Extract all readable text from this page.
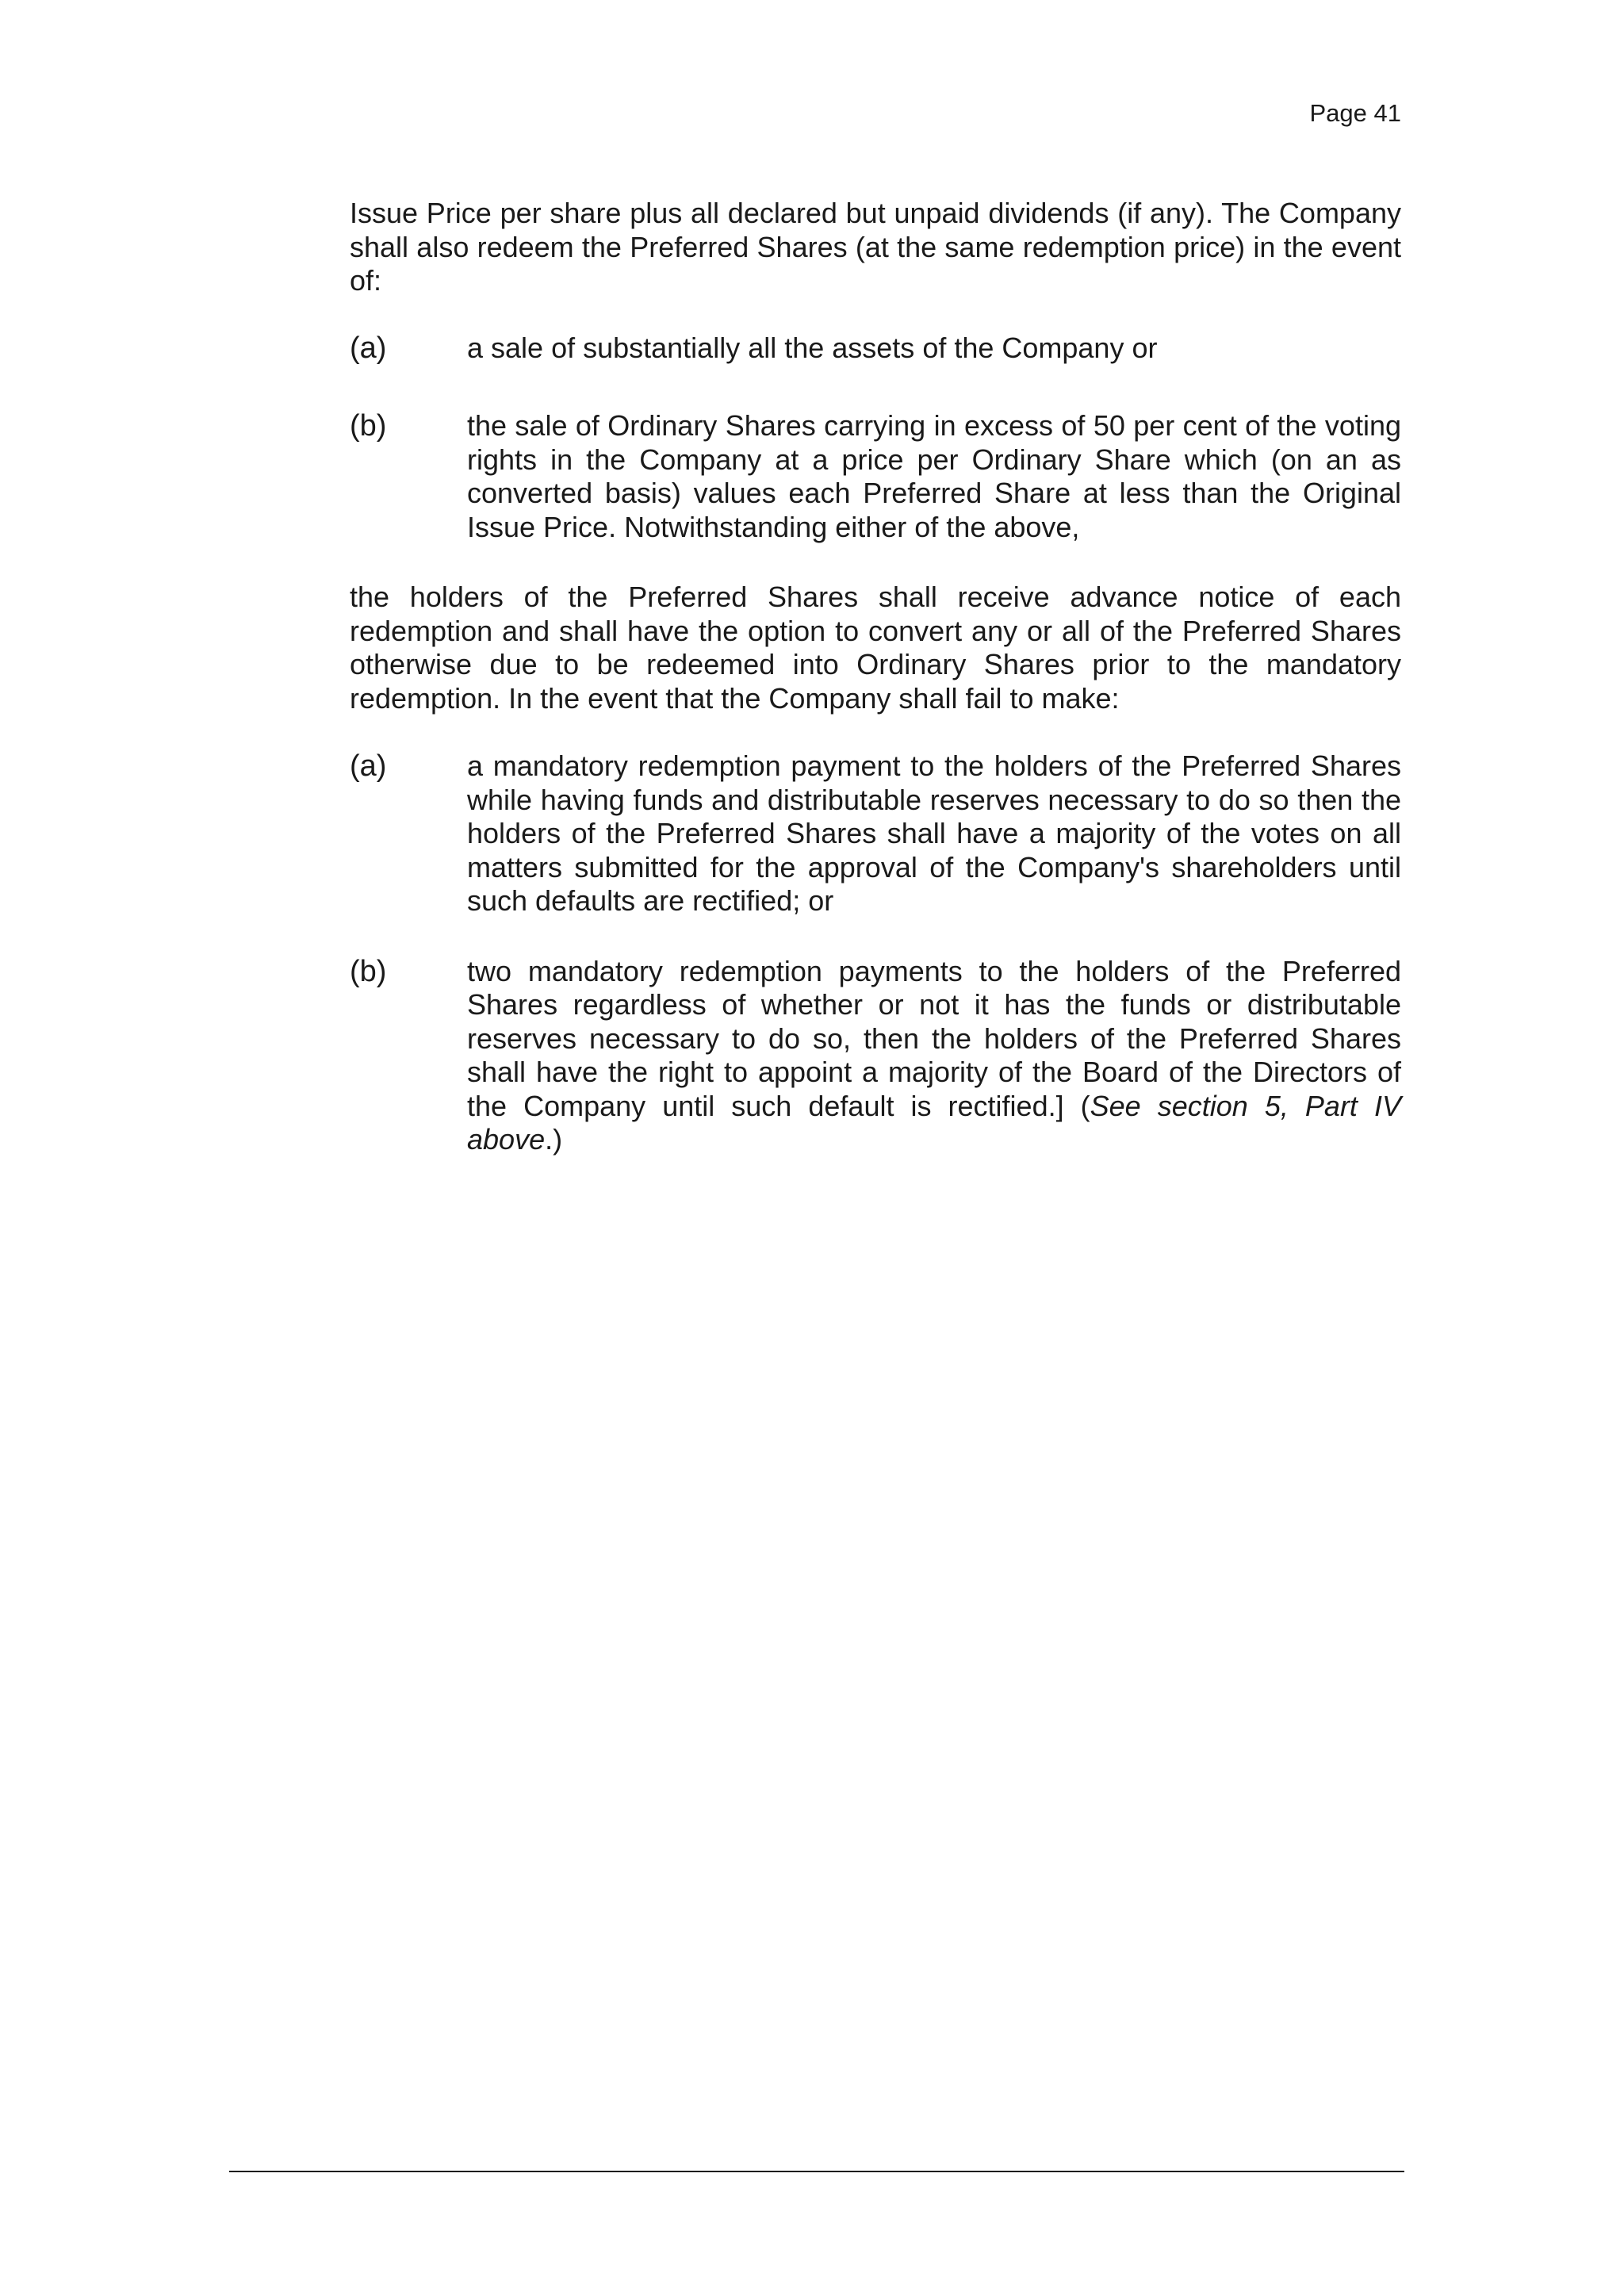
Page 41

Issue Price per share plus all declared but unpaid dividends (if any). The Company shall also redeem the Preferred Shares (at the same redemption price) in the event of:

(a)	a sale of substantially all the assets of the Company or
(b)	the sale of Ordinary Shares carrying in excess of 50 per cent of the voting rights in the Company at a price per Ordinary Share which (on an as converted basis) values each Preferred Share at less than the Original Issue Price. Notwithstanding either of the above,

the holders of the Preferred Shares shall receive advance notice of each redemption and shall have the option to convert any or all of the Preferred Shares otherwise due to be redeemed into Ordinary Shares prior to the mandatory redemption. In the event that the Company shall fail to make:

(a)	a mandatory redemption payment to the holders of the Preferred Shares while having funds and distributable reserves necessary to do so then the holders of the Preferred Shares shall have a majority of the votes on all matters submitted for the approval of the Company's shareholders until such defaults are rectified; or
(b)	two mandatory redemption payments to the holders of the Preferred Shares regardless of whether or not it has the funds or distributable reserves necessary to do so, then the holders of the Preferred Shares shall have the right to appoint a majority of the Board of the Directors of the Company until such default is rectified.] (See section 5, Part IV above.)
